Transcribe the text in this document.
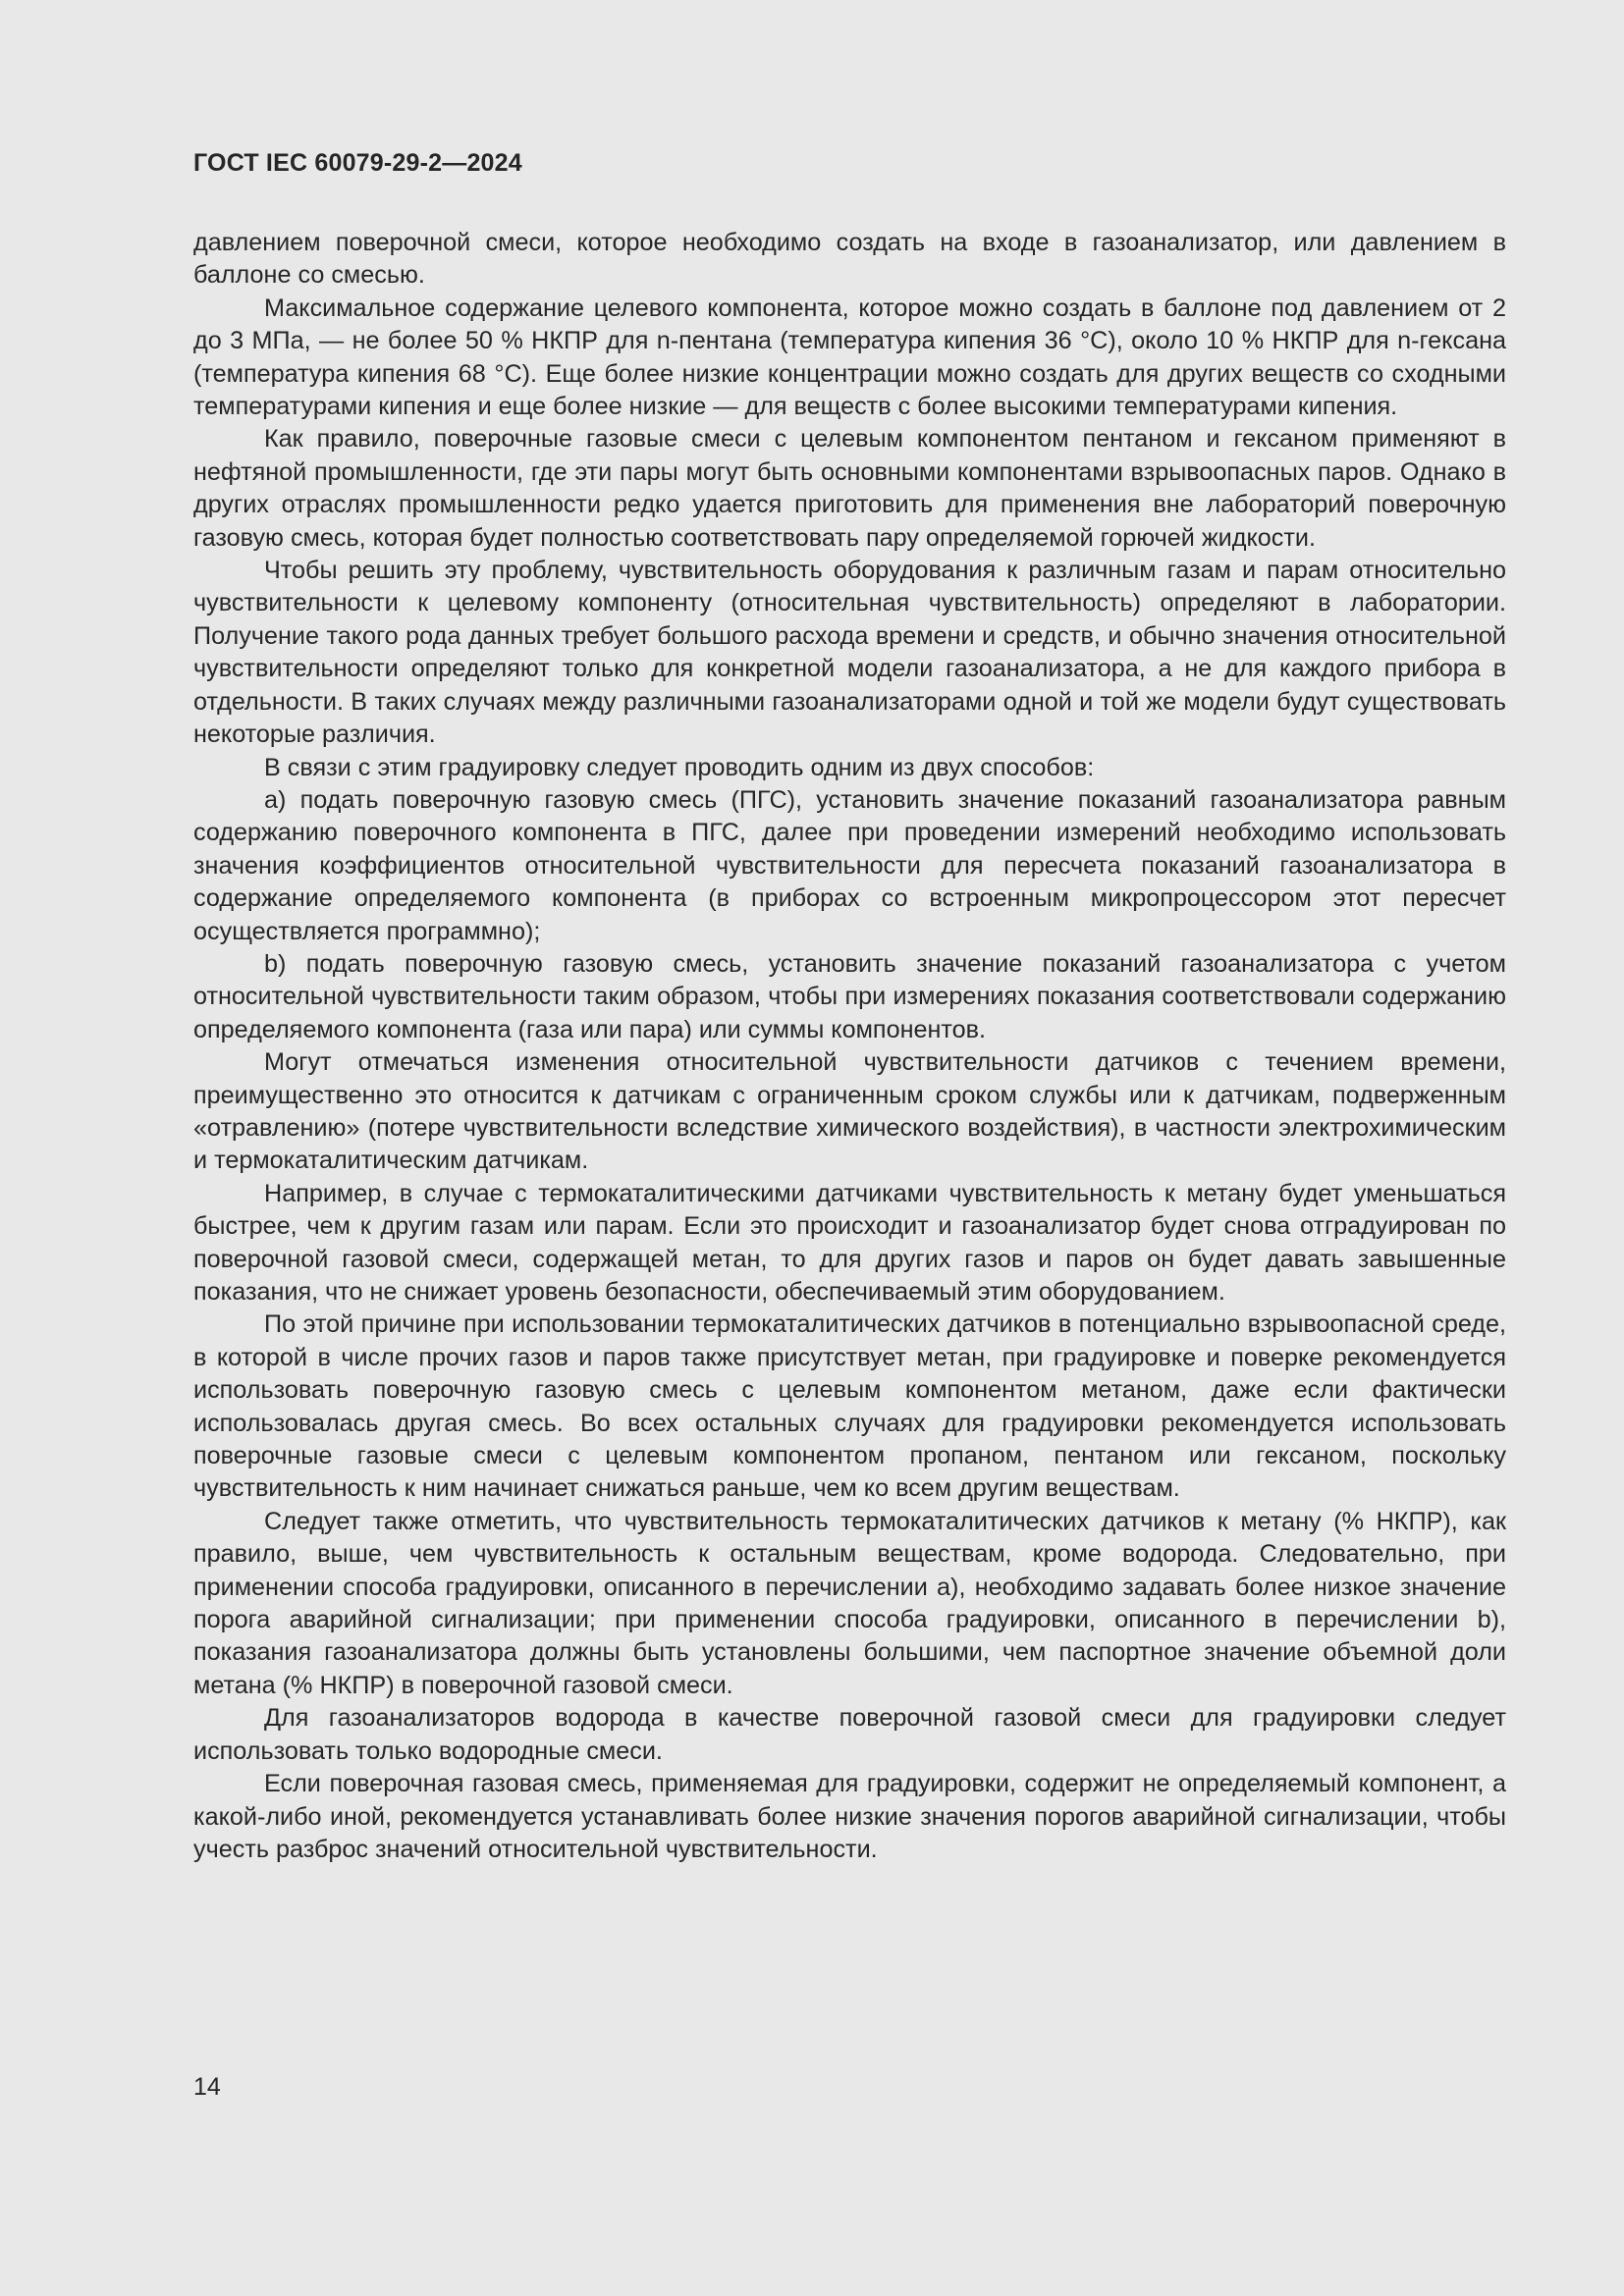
ГОСТ IEC 60079-29-2—2024

давлением поверочной смеси, которое необходимо создать на входе в газоанализатор, или давлением в баллоне со смесью.

Максимальное содержание целевого компонента, которое можно создать в баллоне под давлением от 2 до 3 МПа, — не более 50 % НКПР для n-пентана (температура кипения 36 °С), около 10 % НКПР для n-гексана (температура кипения 68 °С). Еще более низкие концентрации можно создать для других веществ со сходными температурами кипения и еще более низкие — для веществ с более высокими температурами кипения.

Как правило, поверочные газовые смеси с целевым компонентом пентаном и гексаном применяют в нефтяной промышленности, где эти пары могут быть основными компонентами взрывоопасных паров. Однако в других отраслях промышленности редко удается приготовить для применения вне лабораторий поверочную газовую смесь, которая будет полностью соответствовать пару определяемой горючей жидкости.

Чтобы решить эту проблему, чувствительность оборудования к различным газам и парам относительно чувствительности к целевому компоненту (относительная чувствительность) определяют в лаборатории. Получение такого рода данных требует большого расхода времени и средств, и обычно значения относительной чувствительности определяют только для конкретной модели газоанализатора, а не для каждого прибора в отдельности. В таких случаях между различными газоанализаторами одной и той же модели будут существовать некоторые различия.

В связи с этим градуировку следует проводить одним из двух способов:

a) подать поверочную газовую смесь (ПГС), установить значение показаний газоанализатора равным содержанию поверочного компонента в ПГС, далее при проведении измерений необходимо использовать значения коэффициентов относительной чувствительности для пересчета показаний газоанализатора в содержание определяемого компонента (в приборах со встроенным микропроцессором этот пересчет осуществляется программно);

b) подать поверочную газовую смесь, установить значение показаний газоанализатора с учетом относительной чувствительности таким образом, чтобы при измерениях показания соответствовали содержанию определяемого компонента (газа или пара) или суммы компонентов.

Могут отмечаться изменения относительной чувствительности датчиков с течением времени, преимущественно это относится к датчикам с ограниченным сроком службы или к датчикам, подверженным «отравлению» (потере чувствительности вследствие химического воздействия), в частности электрохимическим и термокаталитическим датчикам.

Например, в случае с термокаталитическими датчиками чувствительность к метану будет уменьшаться быстрее, чем к другим газам или парам. Если это происходит и газоанализатор будет снова отградуирован по поверочной газовой смеси, содержащей метан, то для других газов и паров он будет давать завышенные показания, что не снижает уровень безопасности, обеспечиваемый этим оборудованием.

По этой причине при использовании термокаталитических датчиков в потенциально взрывоопасной среде, в которой в числе прочих газов и паров также присутствует метан, при градуировке и поверке рекомендуется использовать поверочную газовую смесь с целевым компонентом метаном, даже если фактически использовалась другая смесь. Во всех остальных случаях для градуировки рекомендуется использовать поверочные газовые смеси с целевым компонентом пропаном, пентаном или гексаном, поскольку чувствительность к ним начинает снижаться раньше, чем ко всем другим веществам.

Следует также отметить, что чувствительность термокаталитических датчиков к метану (% НКПР), как правило, выше, чем чувствительность к остальным веществам, кроме водорода. Следовательно, при применении способа градуировки, описанного в перечислении a), необходимо задавать более низкое значение порога аварийной сигнализации; при применении способа градуировки, описанного в перечислении b), показания газоанализатора должны быть установлены большими, чем паспортное значение объемной доли метана (% НКПР) в поверочной газовой смеси.

Для газоанализаторов водорода в качестве поверочной газовой смеси для градуировки следует использовать только водородные смеси.

Если поверочная газовая смесь, применяемая для градуировки, содержит не определяемый компонент, а какой-либо иной, рекомендуется устанавливать более низкие значения порогов аварийной сигнализации, чтобы учесть разброс значений относительной чувствительности.

14
